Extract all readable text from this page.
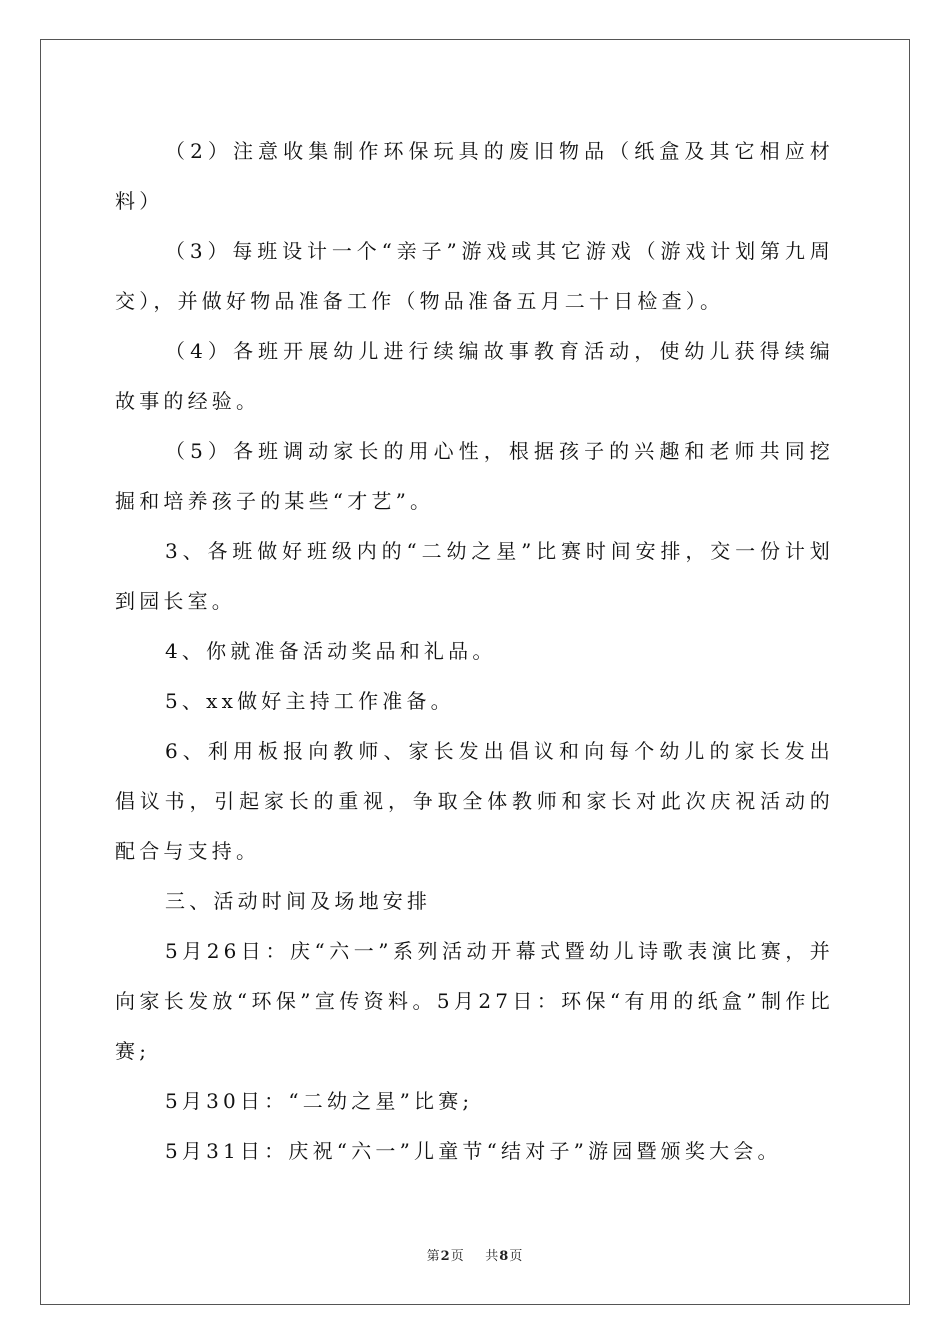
（2）注意收集制作环保玩具的废旧物品（纸盒及其它相应材料）

（3）每班设计一个“亲子”游戏或其它游戏（游戏计划第九周交），并做好物品准备工作（物品准备五月二十日检查）。

（4）各班开展幼儿进行续编故事教育活动，使幼儿获得续编故事的经验。

（5）各班调动家长的用心性，根据孩子的兴趣和老师共同挖掘和培养孩子的某些“才艺”。

3、各班做好班级内的“二幼之星”比赛时间安排，交一份计划到园长室。

4、你就准备活动奖品和礼品。

5、xx做好主持工作准备。

6、利用板报向教师、家长发出倡议和向每个幼儿的家长发出倡议书，引起家长的重视，争取全体教师和家长对此次庆祝活动的配合与支持。

三、活动时间及场地安排

5月26日：庆“六一”系列活动开幕式暨幼儿诗歌表演比赛，并向家长发放“环保”宣传资料。5月27日：环保“有用的纸盒”制作比赛;

5月30日：“二幼之星”比赛;

5月31日：庆祝“六一”儿童节“结对子”游园暨颁奖大会。

第2页 共8页
